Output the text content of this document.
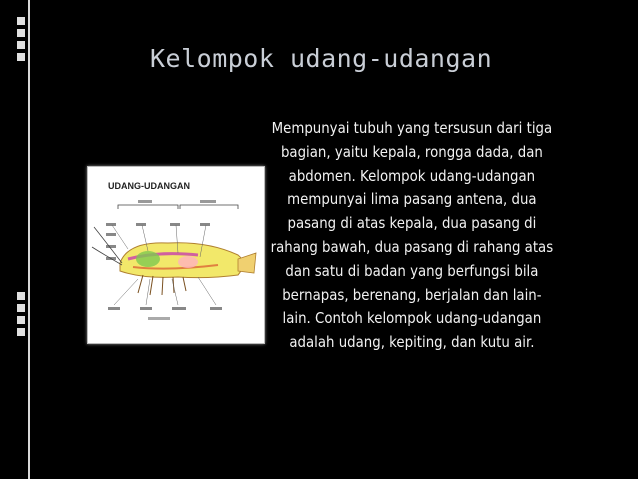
Kelompok udang-udangan
UDANG-UDANGAN
Mempunyai tubuh yang tersusun dari tiga bagian, yaitu kepala, rongga dada, dan abdomen. Kelompok udang-udangan mempunyai lima pasang antena, dua pasang di atas kepala, dua pasang di rahang bawah, dua pasang di rahang atas dan satu di badan yang berfungsi bila bernapas, berenang, berjalan dan lain-lain. Contoh kelompok udang-udangan adalah udang, kepiting, dan kutu air.
